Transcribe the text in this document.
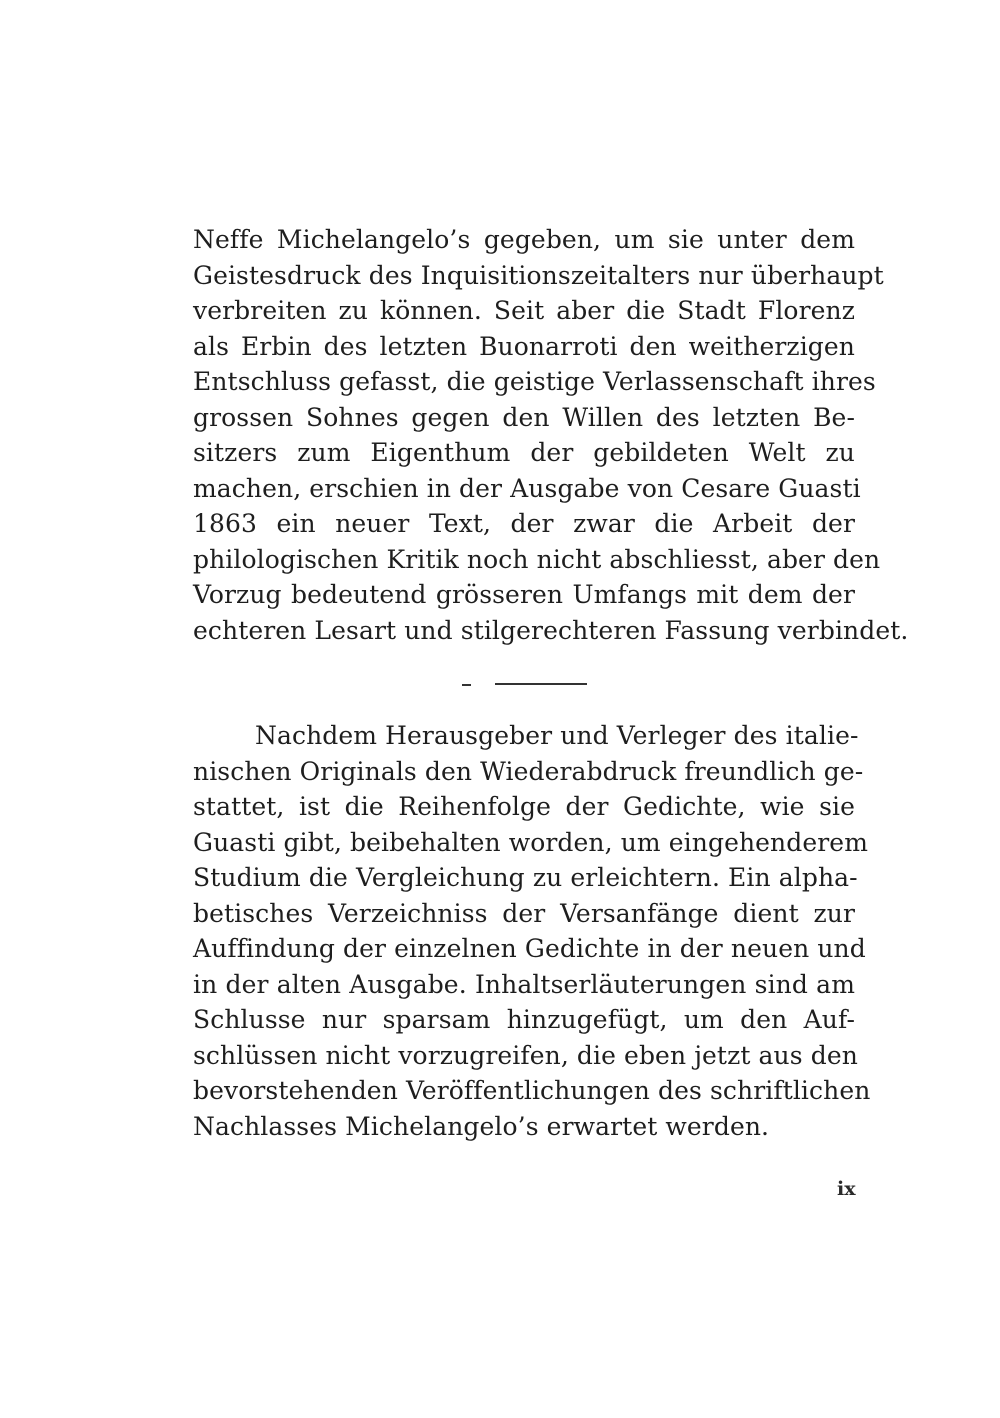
Neffe Michelangelo’s gegeben, um sie unter dem
Geistesdruck des Inquisitionszeitalters nur überhaupt
verbreiten zu können. Seit aber die Stadt Florenz
als Erbin des letzten Buonarroti den weitherzigen
Entschluss gefasst, die geistige Verlassenschaft ihres
grossen Sohnes gegen den Willen des letzten Be-
sitzers zum Eigenthum der gebildeten Welt zu
machen, erschien in der Ausgabe von Cesare Guasti
1863 ein neuer Text, der zwar die Arbeit der
philologischen Kritik noch nicht abschliesst, aber den
Vorzug bedeutend grösseren Umfangs mit dem der
echteren Lesart und stilgerechteren Fassung verbindet.
Nachdem Herausgeber und Verleger des italie-
nischen Originals den Wiederabdruck freundlich ge-
stattet, ist die Reihenfolge der Gedichte, wie sie
Guasti gibt, beibehalten worden, um eingehenderem
Studium die Vergleichung zu erleichtern. Ein alpha-
betisches Verzeichniss der Versanfänge dient zur
Auffindung der einzelnen Gedichte in der neuen und
in der alten Ausgabe. Inhaltserläuterungen sind am
Schlusse nur sparsam hinzugefügt, um den Auf-
schlüssen nicht vorzugreifen, die eben jetzt aus den
bevorstehenden Veröffentlichungen des schriftlichen
Nachlasses Michelangelo’s erwartet werden.
ix
